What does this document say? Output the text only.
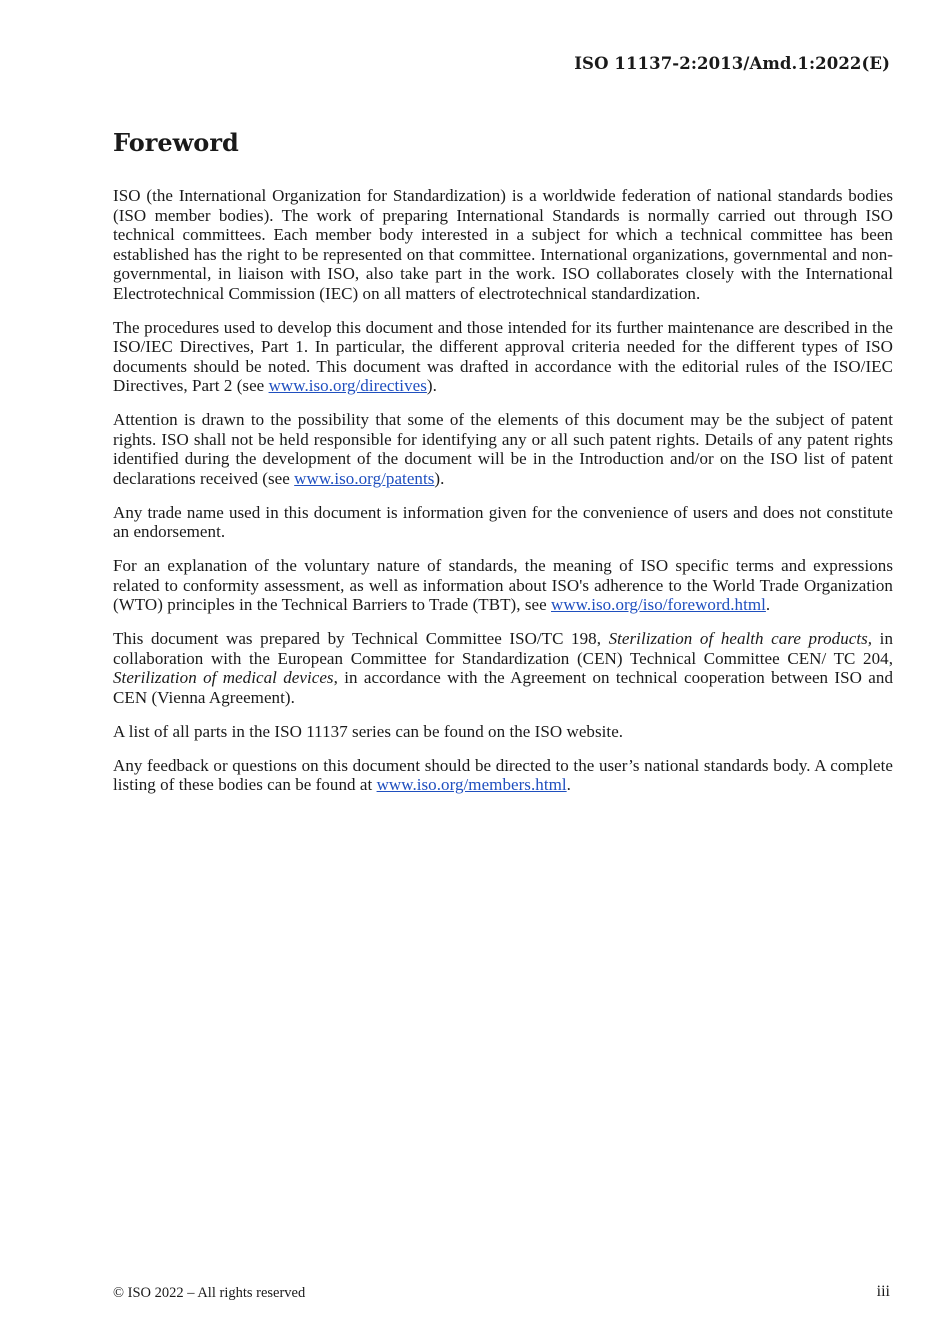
ISO 11137-2:2013/Amd.1:2022(E)
Foreword

ISO (the International Organization for Standardization) is a worldwide federation of national standards bodies (ISO member bodies). The work of preparing International Standards is normally carried out through ISO technical committees. Each member body interested in a subject for which a technical committee has been established has the right to be represented on that committee. International organizations, governmental and non-governmental, in liaison with ISO, also take part in the work. ISO collaborates closely with the International Electrotechnical Commission (IEC) on all matters of electrotechnical standardization.

The procedures used to develop this document and those intended for its further maintenance are described in the ISO/IEC Directives, Part 1. In particular, the different approval criteria needed for the different types of ISO documents should be noted. This document was drafted in accordance with the editorial rules of the ISO/IEC Directives, Part 2 (see www.iso.org/directives).

Attention is drawn to the possibility that some of the elements of this document may be the subject of patent rights. ISO shall not be held responsible for identifying any or all such patent rights. Details of any patent rights identified during the development of the document will be in the Introduction and/or on the ISO list of patent declarations received (see www.iso.org/patents).

Any trade name used in this document is information given for the convenience of users and does not constitute an endorsement.

For an explanation of the voluntary nature of standards, the meaning of ISO specific terms and expressions related to conformity assessment, as well as information about ISO's adherence to the World Trade Organization (WTO) principles in the Technical Barriers to Trade (TBT), see www.iso.org/iso/foreword.html.

This document was prepared by Technical Committee ISO/TC 198, Sterilization of health care products, in collaboration with the European Committee for Standardization (CEN) Technical Committee CEN/ TC 204, Sterilization of medical devices, in accordance with the Agreement on technical cooperation between ISO and CEN (Vienna Agreement).

A list of all parts in the ISO 11137 series can be found on the ISO website.

Any feedback or questions on this document should be directed to the user’s national standards body. A complete listing of these bodies can be found at www.iso.org/members.html.

© ISO 2022 – All rights reserved	iii
